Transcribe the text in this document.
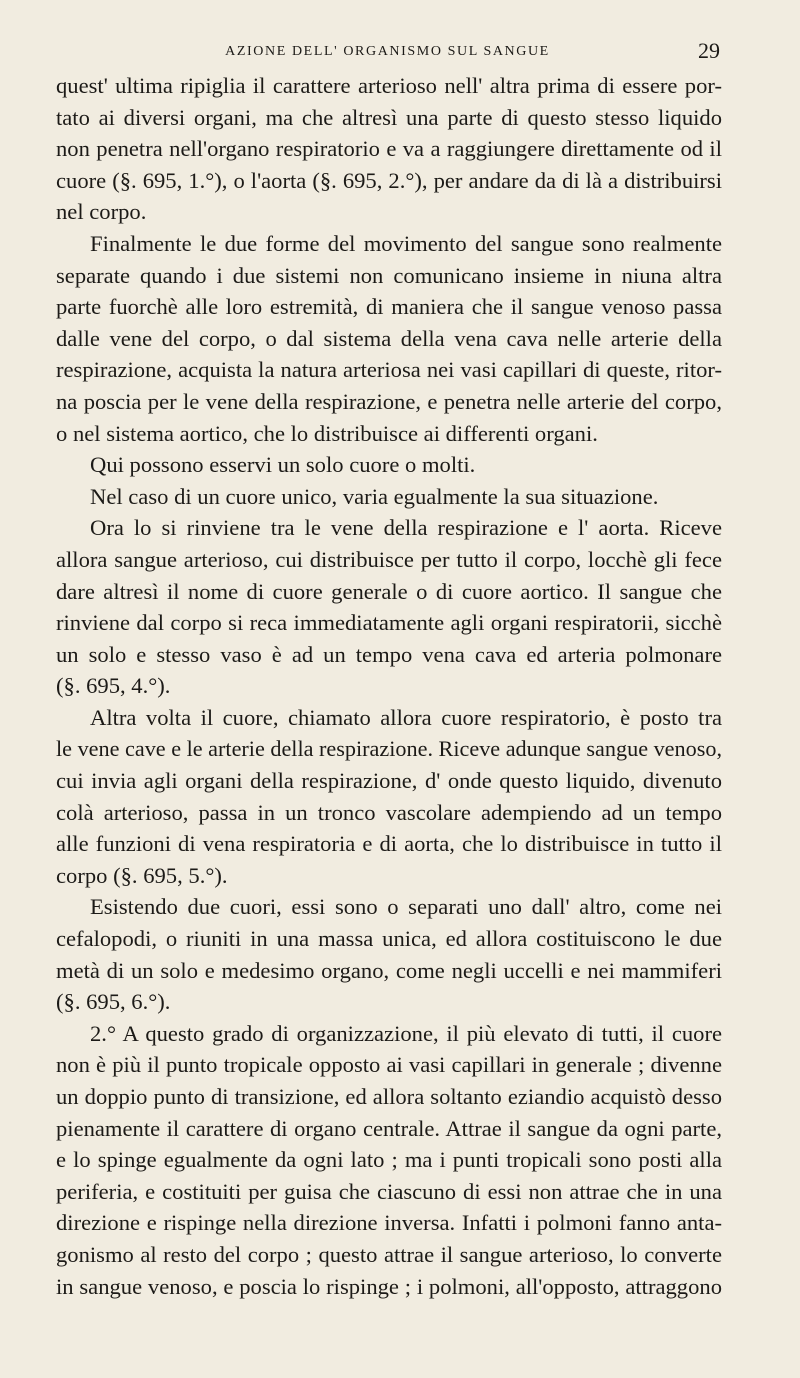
AZIONE DELL' ORGANISMO SUL SANGUE	29
quest' ultima ripiglia il carattere arterioso nell' altra prima di essere por-
tato ai diversi organi, ma che altresì una parte di questo stesso liquido
non penetra nell'organo respiratorio e va a raggiungere direttamente od il
cuore (§. 695, 1.°), o l'aorta (§. 695, 2.°), per andare da di là a distribuirsi
nel corpo.
Finalmente le due forme del movimento del sangue sono realmente
separate quando i due sistemi non comunicano insieme in niuna altra
parte fuorchè alle loro estremità, di maniera che il sangue venoso passa
dalle vene del corpo, o dal sistema della vena cava nelle arterie della
respirazione, acquista la natura arteriosa nei vasi capillari di queste, ritor-
na poscia per le vene della respirazione, e penetra nelle arterie del corpo,
o nel sistema aortico, che lo distribuisce ai differenti organi.
Qui possono esservi un solo cuore o molti.
Nel caso di un cuore unico, varia egualmente la sua situazione.
Ora lo si rinviene tra le vene della respirazione e l' aorta. Riceve
allora sangue arterioso, cui distribuisce per tutto il corpo, locchè gli fece
dare altresì il nome di cuore generale o di cuore aortico. Il sangue che
rinviene dal corpo si reca immediatamente agli organi respiratorii, sicchè
un solo e stesso vaso è ad un tempo vena cava ed arteria polmonare
(§. 695, 4.°).
Altra volta il cuore, chiamato allora cuore respiratorio, è posto tra
le vene cave e le arterie della respirazione. Riceve adunque sangue venoso,
cui invia agli organi della respirazione, d' onde questo liquido, divenuto
colà arterioso, passa in un tronco vascolare adempiendo ad un tempo
alle funzioni di vena respiratoria e di aorta, che lo distribuisce in tutto il
corpo (§. 695, 5.°).
Esistendo due cuori, essi sono o separati uno dall' altro, come nei
cefalopodi, o riuniti in una massa unica, ed allora costituiscono le due
metà di un solo e medesimo organo, come negli uccelli e nei mammiferi
(§. 695, 6.°).
2.° A questo grado di organizzazione, il più elevato di tutti, il cuore
non è più il punto tropicale opposto ai vasi capillari in generale ; divenne
un doppio punto di transizione, ed allora soltanto eziandio acquistò desso
pienamente il carattere di organo centrale. Attrae il sangue da ogni parte,
e lo spinge egualmente da ogni lato ; ma i punti tropicali sono posti alla
periferia, e costituiti per guisa che ciascuno di essi non attrae che in una
direzione e rispinge nella direzione inversa. Infatti i polmoni fanno anta-
gonismo al resto del corpo ; questo attrae il sangue arterioso, lo converte
in sangue venoso, e poscia lo rispinge ; i polmoni, all'opposto, attraggono
